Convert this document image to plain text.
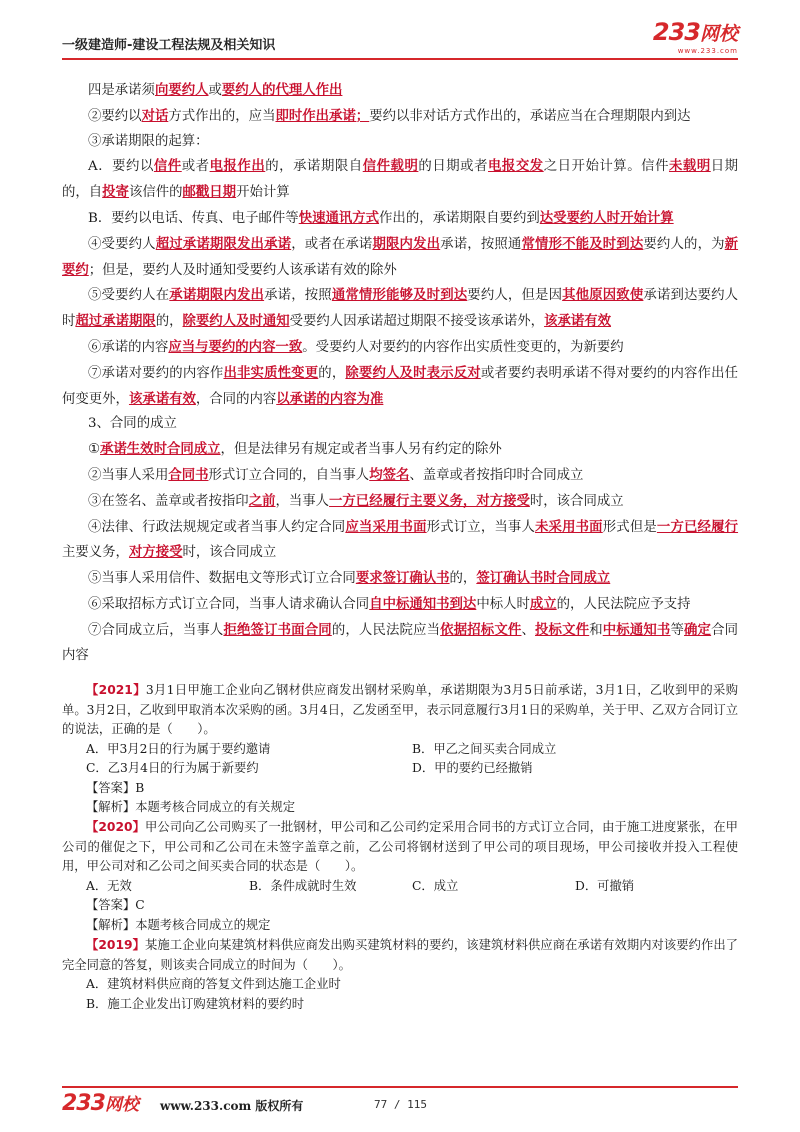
一级建造师-建设工程法规及相关知识	233网校
www.233.com

四是承诺须向要约人或要约人的代理人作出

②要约以对话方式作出的，应当即时作出承诺；要约以非对话方式作出的，承诺应当在合理期限内到达

③承诺期限的起算：

A．要约以信件或者电报作出的，承诺期限自信件载明的日期或者电报交发之日开始计算。信件未载明日期的，自投寄该信件的邮戳日期开始计算

B．要约以电话、传真、电子邮件等快速通讯方式作出的，承诺期限自要约到达受要约人时开始计算

④受要约人超过承诺期限发出承诺，或者在承诺期限内发出承诺，按照通常情形不能及时到达要约人的，为新要约；但是，要约人及时通知受要约人该承诺有效的除外

⑤受要约人在承诺期限内发出承诺，按照通常情形能够及时到达要约人，但是因其他原因致使承诺到达要约人时超过承诺期限的，除要约人及时通知受要约人因承诺超过期限不接受该承诺外，该承诺有效

⑥承诺的内容应当与要约的内容一致。受要约人对要约的内容作出实质性变更的，为新要约

⑦承诺对要约的内容作出非实质性变更的，除要约人及时表示反对或者要约表明承诺不得对要约的内容作出任何变更外，该承诺有效，合同的内容以承诺的内容为准

3、合同的成立

①承诺生效时合同成立，但是法律另有规定或者当事人另有约定的除外

②当事人采用合同书形式订立合同的，自当事人均签名、盖章或者按指印时合同成立

③在签名、盖章或者按指印之前，当事人一方已经履行主要义务，对方接受时，该合同成立

④法律、行政法规规定或者当事人约定合同应当采用书面形式订立，当事人未采用书面形式但是一方已经履行主要义务，对方接受时，该合同成立

⑤当事人采用信件、数据电文等形式订立合同要求签订确认书的，签订确认书时合同成立

⑥采取招标方式订立合同，当事人请求确认合同自中标通知书到达中标人时成立的，人民法院应予支持

⑦合同成立后，当事人拒绝签订书面合同的，人民法院应当依据招标文件、投标文件和中标通知书等确定合同内容

【2021】3月1日甲施工企业向乙钢材供应商发出钢材采购单，承诺期限为3月5日前承诺，3月1日，乙收到甲的采购单。3月2日，乙收到甲取消本次采购的函。3月4日，乙发函至甲，表示同意履行3月1日的采购单，关于甲、乙双方合同订立的说法，正确的是（　　）。

A．甲3月2日的行为属于要约邀请	B．甲乙之间买卖合同成立

C．乙3月4日的行为属于新要约	D．甲的要约已经撤销

【答案】B

【解析】本题考核合同成立的有关规定

【2020】甲公司向乙公司购买了一批钢材，甲公司和乙公司约定采用合同书的方式订立合同，由于施工进度紧张，在甲公司的催促之下，甲公司和乙公司在未签字盖章之前，乙公司将钢材送到了甲公司的项目现场，甲公司接收并投入工程使用，甲公司对和乙公司之间买卖合同的状态是（　　）。

A．无效	B．条件成就时生效	C．成立	D．可撤销

【答案】C

【解析】本题考核合同成立的规定

【2019】某施工企业向某建筑材料供应商发出购买建筑材料的要约，该建筑材料供应商在承诺有效期内对该要约作出了完全同意的答复，则该卖合同成立的时间为（　　）。

A．建筑材料供应商的答复文件到达施工企业时

B．施工企业发出订购建筑材料的要约时

233网校 www.233.com 版权所有	77 / 115
